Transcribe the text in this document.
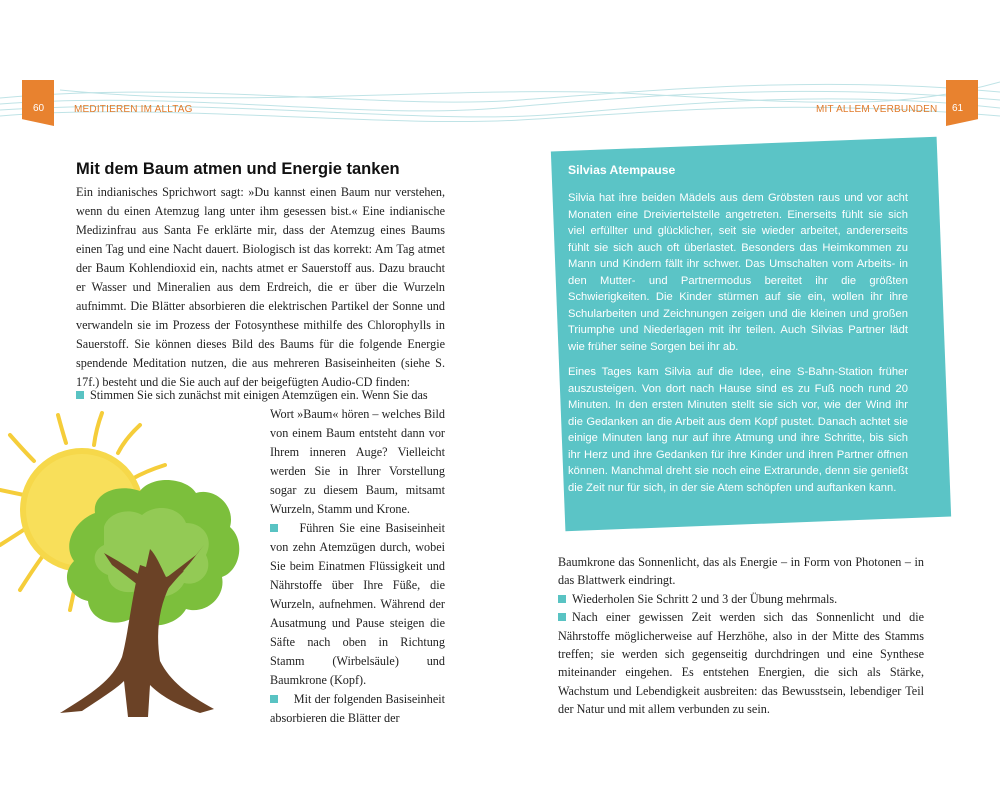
60	MEDITIEREN IM ALLTAG	MIT ALLEM VERBUNDEN 61
Mit dem Baum atmen und Energie tanken

Ein indianisches Sprichwort sagt: »Du kannst einen Baum nur verstehen, wenn du einen Atemzug lang unter ihm gesessen bist.« Eine indianische Medizinfrau aus Santa Fe erklärte mir, dass der Atemzug eines Baums einen Tag und eine Nacht dauert. Biologisch ist das korrekt: Am Tag atmet der Baum Kohlendioxid ein, nachts atmet er Sauerstoff aus. Dazu braucht er Wasser und Mineralien aus dem Erdreich, die er über die Wurzeln aufnimmt. Die Blätter absorbieren die elektrischen Partikel der Sonne und verwandeln sie im Prozess der Fotosynthese mithilfe des Chlorophylls in Sauerstoff. Sie können dieses Bild des Baums für die folgende Energie spendende Meditation nutzen, die aus mehreren Basiseinheiten (siehe S. 17f.) besteht und die Sie auch auf der beigefügten Audio-CD finden:

Stimmen Sie sich zunächst mit einigen Atemzügen ein. Wenn Sie das

Wort »Baum« hören – welches Bild von einem Baum entsteht dann vor Ihrem inneren Auge? Vielleicht werden Sie in Ihrer Vorstellung sogar zu diesem Baum, mitsamt Wurzeln, Stamm und Krone.

Führen Sie eine Basiseinheit von zehn Atemzügen durch, wobei Sie beim Einatmen Flüssigkeit und Nährstoffe über Ihre Füße, die Wurzeln, aufnehmen. Während der Ausatmung und Pause steigen die Säfte nach oben in Richtung Stamm (Wirbelsäule) und Baumkrone (Kopf).

Mit der folgenden Basiseinheit absorbieren die Blätter der

Silvias Atempause

Silvia hat ihre beiden Mädels aus dem Gröbsten raus und vor acht Monaten eine Dreiviertelstelle angetreten. Einerseits fühlt sie sich viel erfüllter und glücklicher, seit sie wieder arbeitet, andererseits fühlt sie sich auch oft überlastet. Besonders das Heimkommen zu Mann und Kindern fällt ihr schwer. Das Umschalten vom Arbeits- in den Mutter- und Partnermodus bereitet ihr die größten Schwierigkeiten. Die Kinder stürmen auf sie ein, wollen ihr ihre Schularbeiten und Zeichnungen zeigen und die kleinen und großen Triumphe und Niederlagen mit ihr teilen. Auch Silvias Partner lädt wie früher seine Sorgen bei ihr ab.

Eines Tages kam Silvia auf die Idee, eine S-Bahn-Station früher auszusteigen. Von dort nach Hause sind es zu Fuß noch rund 20 Minuten. In den ersten Minuten stellt sie sich vor, wie der Wind ihr die Gedanken an die Arbeit aus dem Kopf pustet. Danach achtet sie einige Minuten lang nur auf ihre Atmung und ihre Schritte, bis sich ihr Herz und ihre Gedanken für ihre Kinder und ihren Partner öffnen können. Manchmal dreht sie noch eine Extrarunde, denn sie genießt die Zeit nur für sich, in der sie Atem schöpfen und auftanken kann.

Baumkrone das Sonnenlicht, das als Energie – in Form von Photonen – in das Blattwerk eindringt.

Wiederholen Sie Schritt 2 und 3 der Übung mehrmals.

Nach einer gewissen Zeit werden sich das Sonnenlicht und die Nährstoffe möglicherweise auf Herzhöhe, also in der Mitte des Stamms treffen; sie werden sich gegenseitig durchdringen und eine Synthese miteinander eingehen. Es entstehen Energien, die sich als Stärke, Wachstum und Lebendigkeit ausbreiten: das Bewusstsein, lebendiger Teil der Natur und mit allem verbunden zu sein.
